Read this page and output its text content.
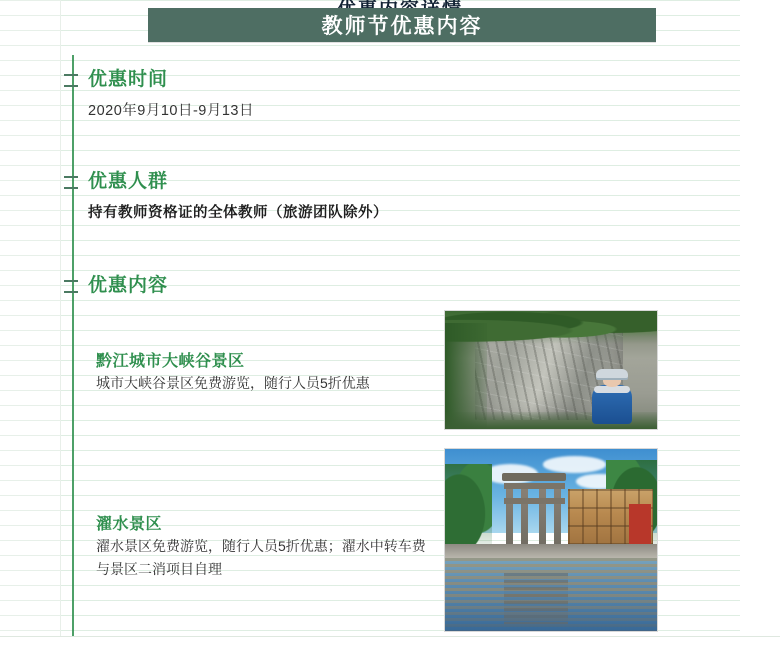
教师节优惠内容
优惠时间
2020年9月10日-9月13日
优惠人群
持有教师资格证的全体教师（旅游团队除外）
优惠内容
黔江城市大峡谷景区
城市大峡谷景区免费游览，随行人员5折优惠
濯水景区
濯水景区免费游览，随行人员5折优惠；濯水中转车费与景区二消项目自理
